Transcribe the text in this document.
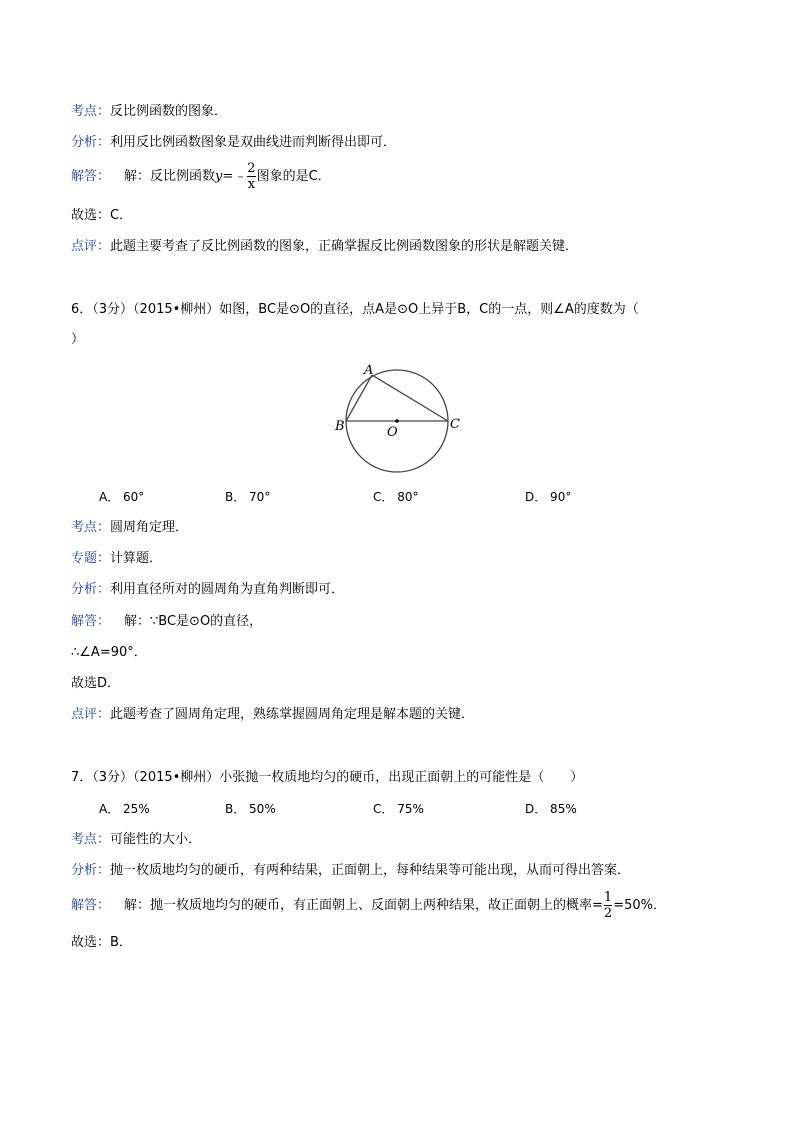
考点：反比例函数的图象．
分析：利用反比例函数图象是双曲线进而判断得出即可．
解答： 解：反比例函数y=﹣ $\frac{2}{x}$ 图象的是C．
故选：C．
点评：此题主要考查了反比例函数的图象，正确掌握反比例函数图象的形状是解题关键．
6．（3分）（2015•柳州）如图，BC是⊙O的直径，点A是⊙O上异于B，C的一点，则∠A的度数为（
）
A
B	C
O
A． 60°	B． 70°	C． 80°	D． 90°
考点：圆周角定理．
专题：计算题．
分析：利用直径所对的圆周角为直角判断即可．
解答： 解：∵BC是⊙O的直径，
∴∠A=90°．
故选D．
点评：此题考查了圆周角定理，熟练掌握圆周角定理是解本题的关键．
7．（3分）（2015•柳州）小张抛一枚质地均匀的硬币，出现正面朝上的可能性是（　　）
A． 25%	B． 50%	C． 75%	D． 85%
考点：可能性的大小．
分析：抛一枚质地均匀的硬币，有两种结果，正面朝上，每种结果等可能出现，从而可得出答案．
解答： 解：抛一枚质地均匀的硬币，有正面朝上、反面朝上两种结果，故正面朝上的概率= $\frac{1}{2} =50\%$．
故选：B．
